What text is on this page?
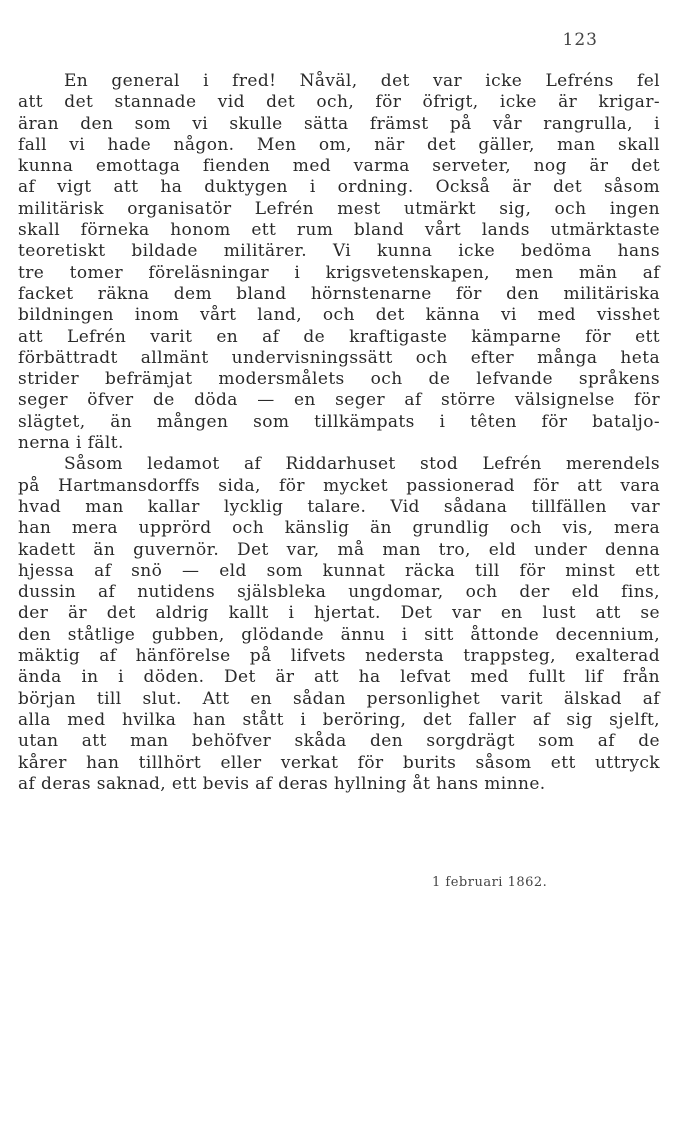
123
En general i fred! Nåväl, det var icke Lefréns fel
att det stannade vid det och, för öfrigt, icke är krigar-
äran den som vi skulle sätta främst på vår rangrulla, i
fall vi hade någon. Men om, när det gäller, man skall
kunna emottaga fienden med varma serveter, nog är det
af vigt att ha duktygen i ordning. Också är det såsom
militärisk organisatör Lefrén mest utmärkt sig, och ingen
skall förneka honom ett rum bland vårt lands utmärktaste
teoretiskt bildade militärer. Vi kunna icke bedöma hans
tre tomer föreläsningar i krigsvetenskapen, men män af
facket räkna dem bland hörnstenarne för den militäriska
bildningen inom vårt land, och det känna vi med visshet
att Lefrén varit en af de kraftigaste kämparne för ett
förbättradt allmänt undervisningssätt och efter många heta
strider befrämjat modersmålets och de lefvande språkens
seger öfver de döda — en seger af större välsignelse för
slägtet, än mången som tillkämpats i têten för bataljo-
nerna i fält.
Såsom ledamot af Riddarhuset stod Lefrén merendels
på Hartmansdorffs sida, för mycket passionerad för att vara
hvad man kallar lycklig talare. Vid sådana tillfällen var
han mera upprörd och känslig än grundlig och vis, mera
kadett än guvernör. Det var, må man tro, eld under denna
hjessa af snö — eld som kunnat räcka till för minst ett
dussin af nutidens själsbleka ungdomar, och der eld fins,
der är det aldrig kallt i hjertat. Det var en lust att se
den ståtlige gubben, glödande ännu i sitt åttonde decennium,
mäktig af hänförelse på lifvets nedersta trappsteg, exalterad
ända in i döden. Det är att ha lefvat med fullt lif från
början till slut. Att en sådan personlighet varit älskad af
alla med hvilka han stått i beröring, det faller af sig sjelft,
utan att man behöfver skåda den sorgdrägt som af de
kårer han tillhört eller verkat för burits såsom ett uttryck
af deras saknad, ett bevis af deras hyllning åt hans minne.
1 februari 1862.
